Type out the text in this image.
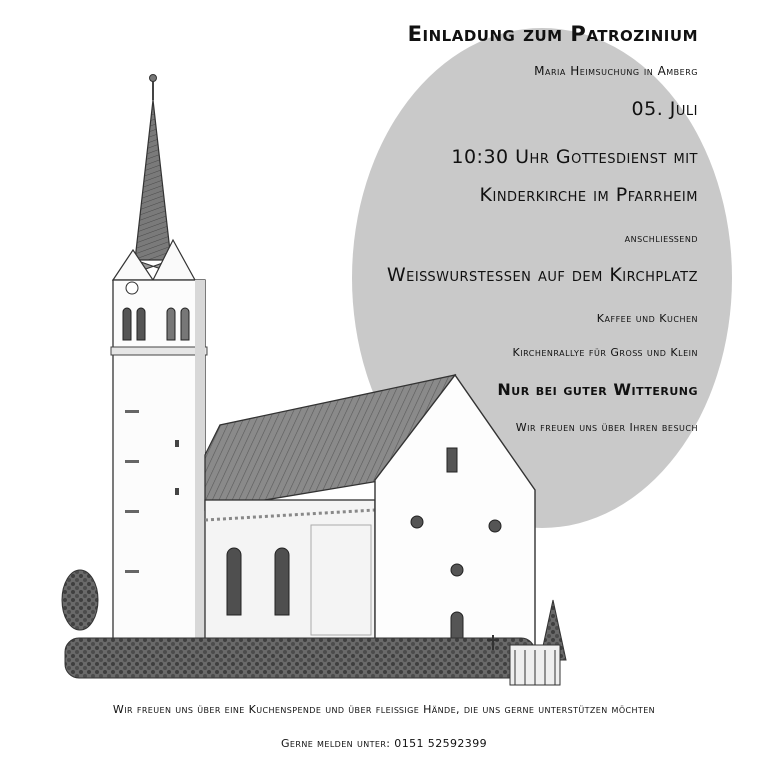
Einladung zum Patrozinium
Maria Heimsuchung in Amberg
05. Juli
10:30 Uhr Gottesdienst mit
Kinderkirche im Pfarrheim
anschließend
Weißwurstessen auf dem Kirchplatz
Kaffee und Kuchen
Kirchenrallye für Groß und Klein
Nur bei guter Witterung
Wir freuen uns über Ihren besuch
Wir freuen uns über eine Kuchenspende und über fleißige Hände, die uns gerne unterstützen möchten
Gerne melden unter: 0151 52592399
